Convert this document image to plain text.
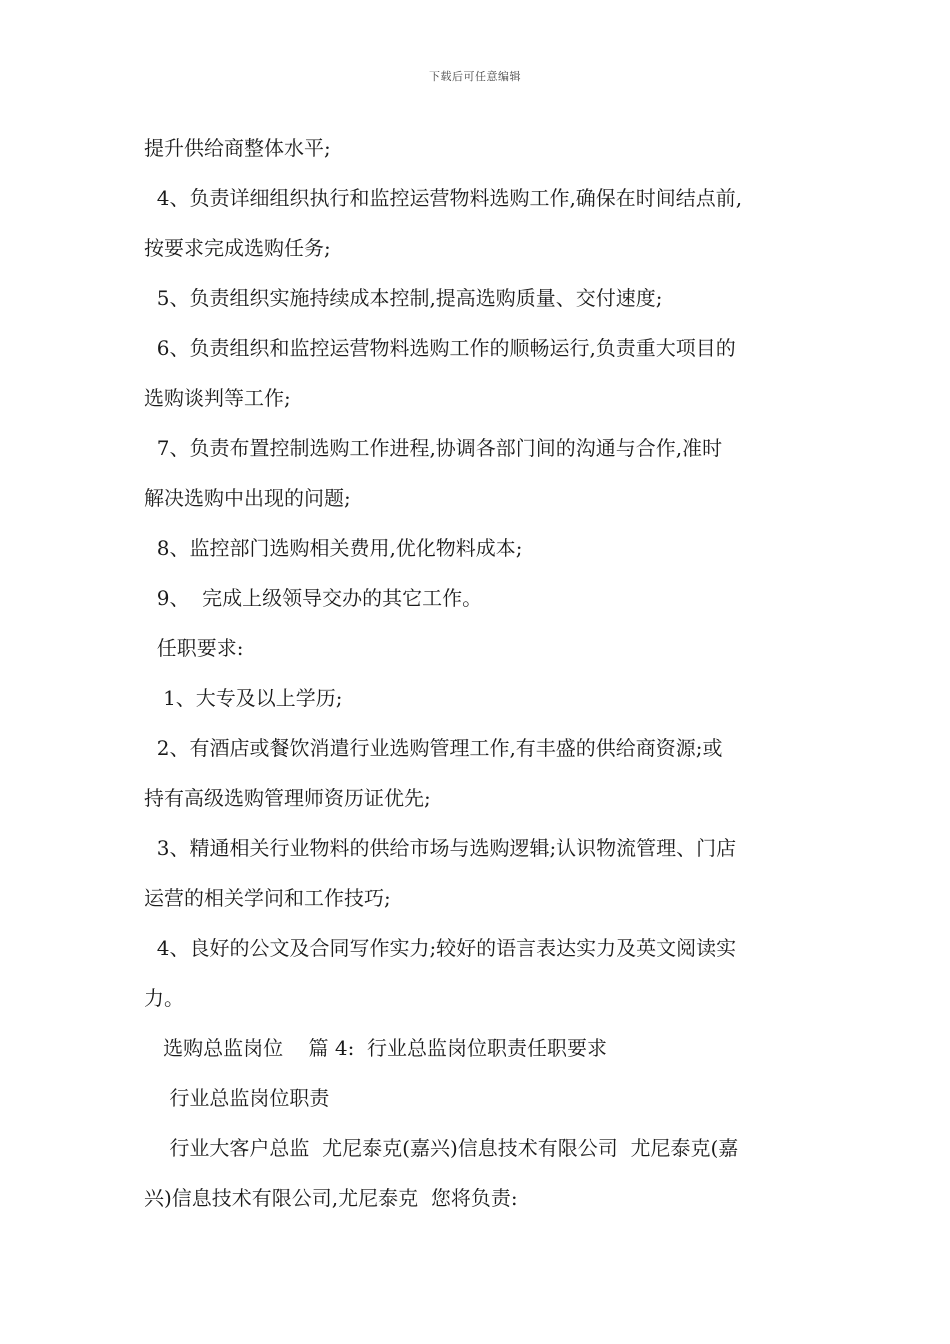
下载后可任意编辑
提升供给商整体水平;
4、负责详细组织执行和监控运营物料选购工作,确保在时间结点前,
按要求完成选购任务;
5、负责组织实施持续成本控制,提高选购质量、交付速度;
6、负责组织和监控运营物料选购工作的顺畅运行,负责重大项目的
选购谈判等工作;
7、负责布置控制选购工作进程,协调各部门间的沟通与合作,准时
解决选购中出现的问题;
8、监控部门选购相关费用,优化物料成本;
9、  完成上级领导交办的其它工作。
任职要求:
1、大专及以上学历;
2、有酒店或餐饮消遣行业选购管理工作,有丰盛的供给商资源;或
持有高级选购管理师资历证优先;
3、精通相关行业物料的供给市场与选购逻辑;认识物流管理、门店
运营的相关学问和工作技巧;
4、良好的公文及合同写作实力;较好的语言表达实力及英文阅读实
力。
选购总监岗位    篇 4:  行业总监岗位职责任职要求
行业总监岗位职责
行业大客户总监  尤尼泰克(嘉兴)信息技术有限公司  尤尼泰克(嘉
兴)信息技术有限公司,尤尼泰克  您将负责:
